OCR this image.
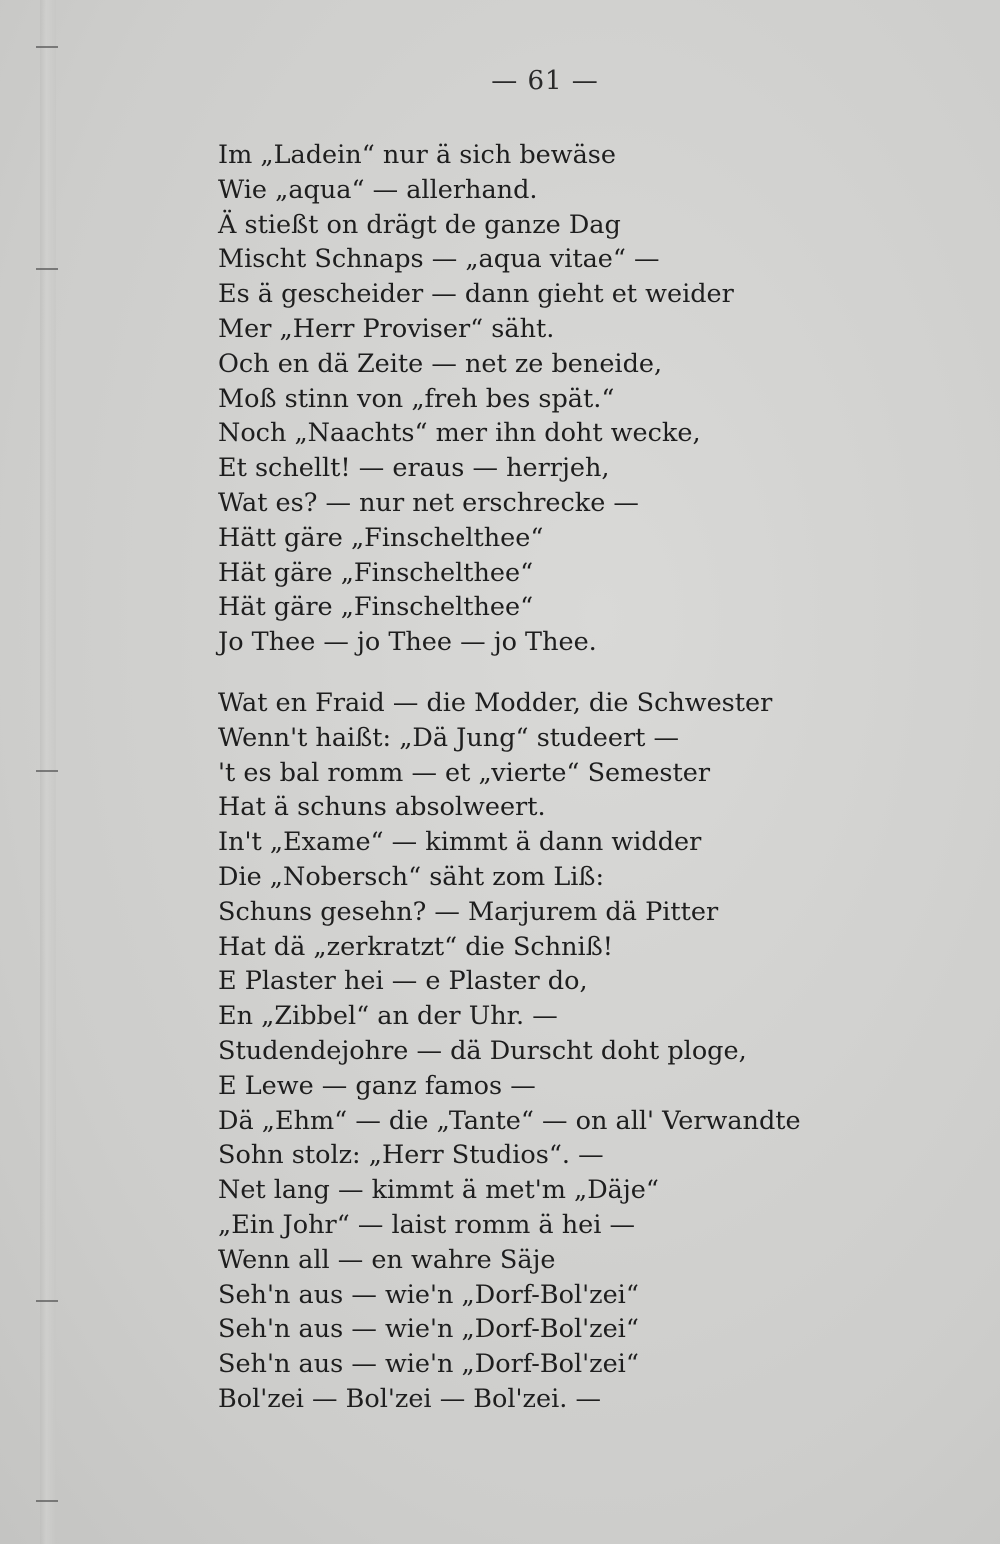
— 61 —
Im „Ladein“ nur ä sich bewäse
Wie „aqua“ — allerhand.
Ä stießt on drägt de ganze Dag
Mischt Schnaps — „aqua vitae“ —
Es ä gescheider — dann gieht et weider
Mer „Herr Proviser“ säht.
Och en dä Zeite — net ze beneide,
Moß stinn von „freh bes spät.“
Noch „Naachts“ mer ihn doht wecke,
Et schellt! — eraus — herrjeh,
Wat es? — nur net erschrecke —
Hätt gäre „Finschelthee“
Hät gäre „Finschelthee“
Hät gäre „Finschelthee“
Jo Thee — jo Thee — jo Thee.
Wat en Fraid — die Modder, die Schwester
Wenn't haißt: „Dä Jung“ studeert —
't es bal romm — et „vierte“ Semester
Hat ä schuns absolweert.
In't „Exame“ — kimmt ä dann widder
Die „Nobersch“ säht zom Liß:
Schuns gesehn? — Marjurem dä Pitter
Hat dä „zerkratzt“ die Schniß!
E Plaster hei — e Plaster do,
En „Zibbel“ an der Uhr. —
Studendejohre — dä Durscht doht ploge,
E Lewe — ganz famos —
Dä „Ehm“ — die „Tante“ — on all' Verwandte
Sohn stolz: „Herr Studios“. —
Net lang — kimmt ä met'm „Däje“
„Ein Johr“ — laist romm ä hei —
Wenn all — en wahre Säje
Seh'n aus — wie'n „Dorf-Bol'zei“
Seh'n aus — wie'n „Dorf-Bol'zei“
Seh'n aus — wie'n „Dorf-Bol'zei“
Bol'zei — Bol'zei — Bol'zei. —
